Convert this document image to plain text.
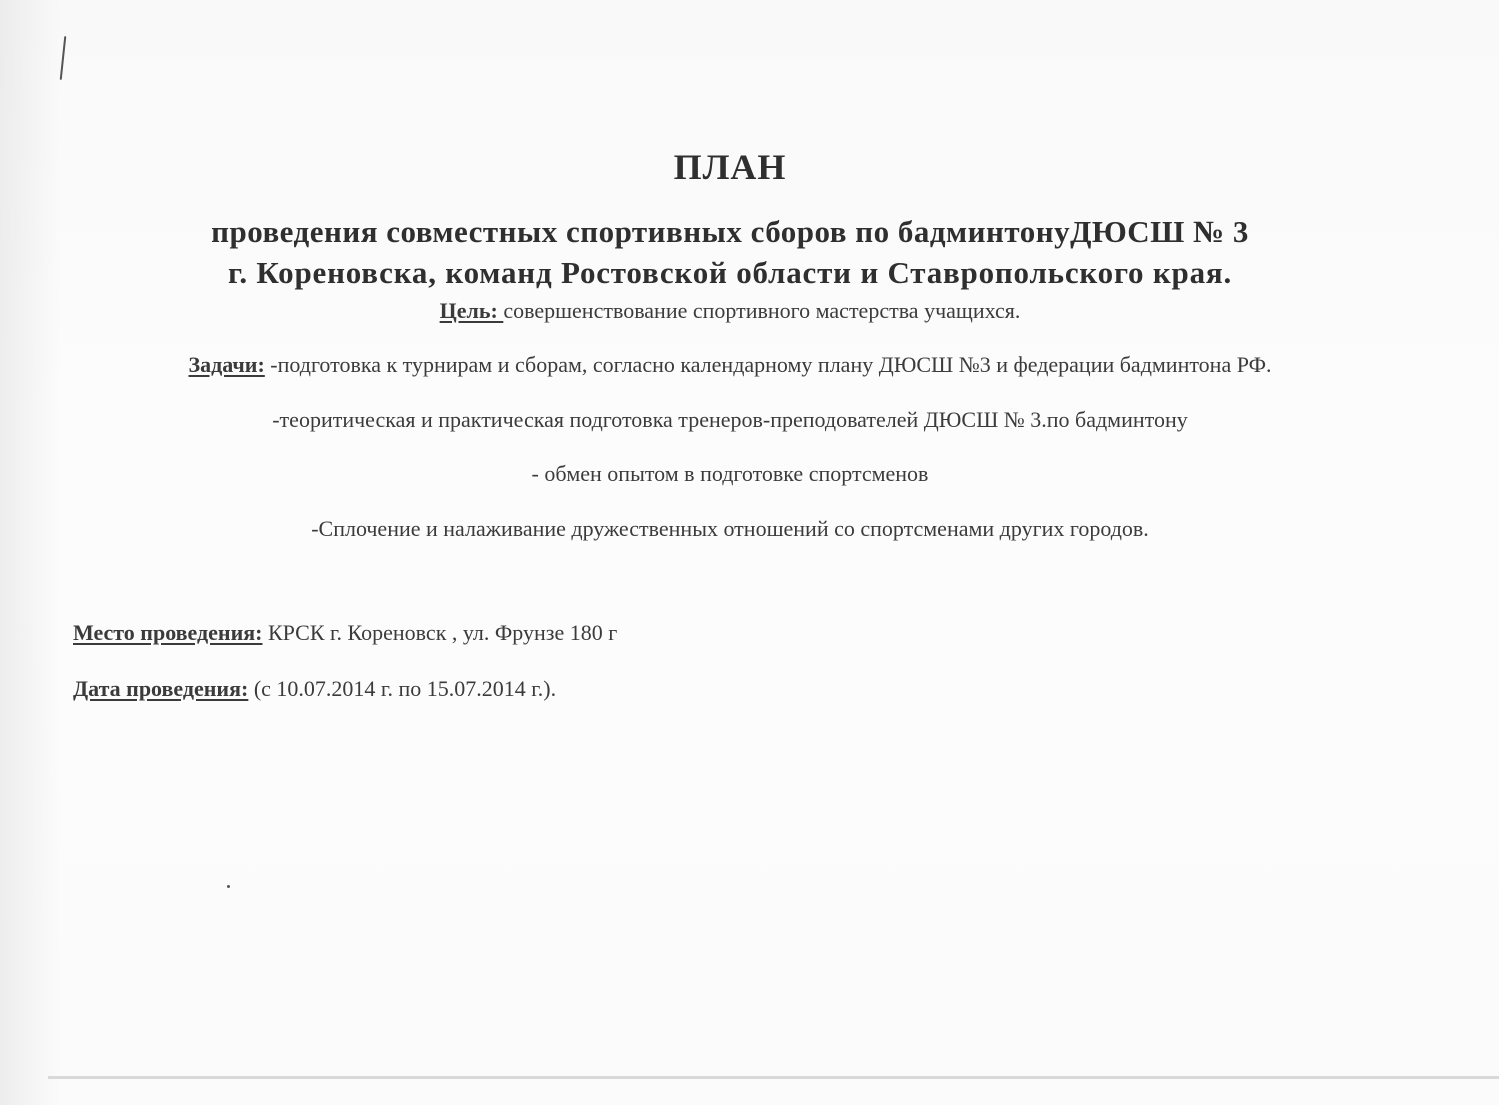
ПЛАН
проведения совместных спортивных сборов по бадминтонуДЮСШ № 3
г. Кореновска, команд Ростовской области и Ставропольского края.

Цель: совершенствование спортивного мастерства учащихся.

Задачи: -подготовка к турнирам и сборам, согласно календарному плану ДЮСШ №3 и федерации бадминтона РФ.

-теоритическая и практическая подготовка тренеров-преподователей ДЮСШ № 3.по бадминтону

- обмен опытом в подготовке спортсменов

-Сплочение и налаживание дружественных отношений со спортсменами других городов.

Место проведения: КРСК г. Кореновск , ул. Фрунзе 180 г

Дата проведения: (с 10.07.2014 г. по 15.07.2014 г.).
